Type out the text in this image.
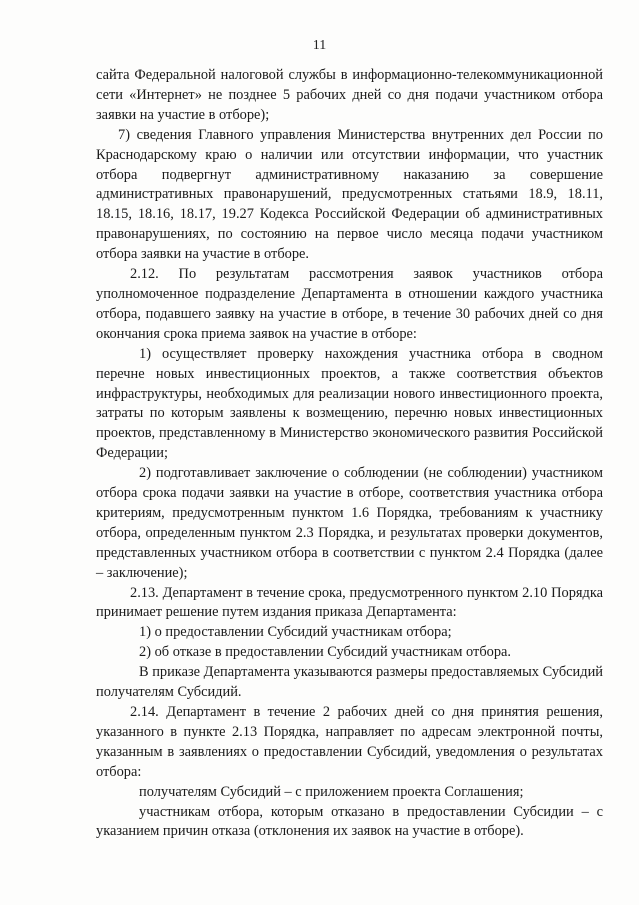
11

сайта Федеральной налоговой службы в информационно-телекоммуникационной сети «Интернет» не позднее 5 рабочих дней со дня подачи участником отбора заявки на участие в отборе);

7) сведения Главного управления Министерства внутренних дел России по Краснодарскому краю о наличии или отсутствии информации, что участник отбора подвергнут административному наказанию за совершение административных правонарушений, предусмотренных статьями 18.9, 18.11, 18.15, 18.16, 18.17, 19.27 Кодекса Российской Федерации об административных правонарушениях, по состоянию на первое число месяца подачи участником отбора заявки на участие в отборе.

2.12. По результатам рассмотрения заявок участников отбора уполномоченное подразделение Департамента в отношении каждого участника отбора, подавшего заявку на участие в отборе, в течение 30 рабочих дней со дня окончания срока приема заявок на участие в отборе:

1) осуществляет проверку нахождения участника отбора в сводном перечне новых инвестиционных проектов, а также соответствия объектов инфраструктуры, необходимых для реализации нового инвестиционного проекта, затраты по которым заявлены к возмещению, перечню новых инвестиционных проектов, представленному в Министерство экономического развития Российской Федерации;

2) подготавливает заключение о соблюдении (не соблюдении) участником отбора срока подачи заявки на участие в отборе, соответствия участника отбора критериям, предусмотренным пунктом 1.6 Порядка, требованиям к участнику отбора, определенным пунктом 2.3 Порядка, и результатах проверки документов, представленных участником отбора в соответствии с пунктом 2.4 Порядка (далее – заключение);

2.13. Департамент в течение срока, предусмотренного пунктом 2.10 Порядка принимает решение путем издания приказа Департамента:

1) о предоставлении Субсидий участникам отбора;

2) об отказе в предоставлении Субсидий участникам отбора.

В приказе Департамента указываются размеры предоставляемых Субсидий получателям Субсидий.

2.14. Департамент в течение 2 рабочих дней со дня принятия решения, указанного в пункте 2.13 Порядка, направляет по адресам электронной почты, указанным в заявлениях о предоставлении Субсидий, уведомления о результатах отбора:

получателям Субсидий – с приложением проекта Соглашения;

участникам отбора, которым отказано в предоставлении Субсидии – с указанием причин отказа (отклонения их заявок на участие в отборе).
